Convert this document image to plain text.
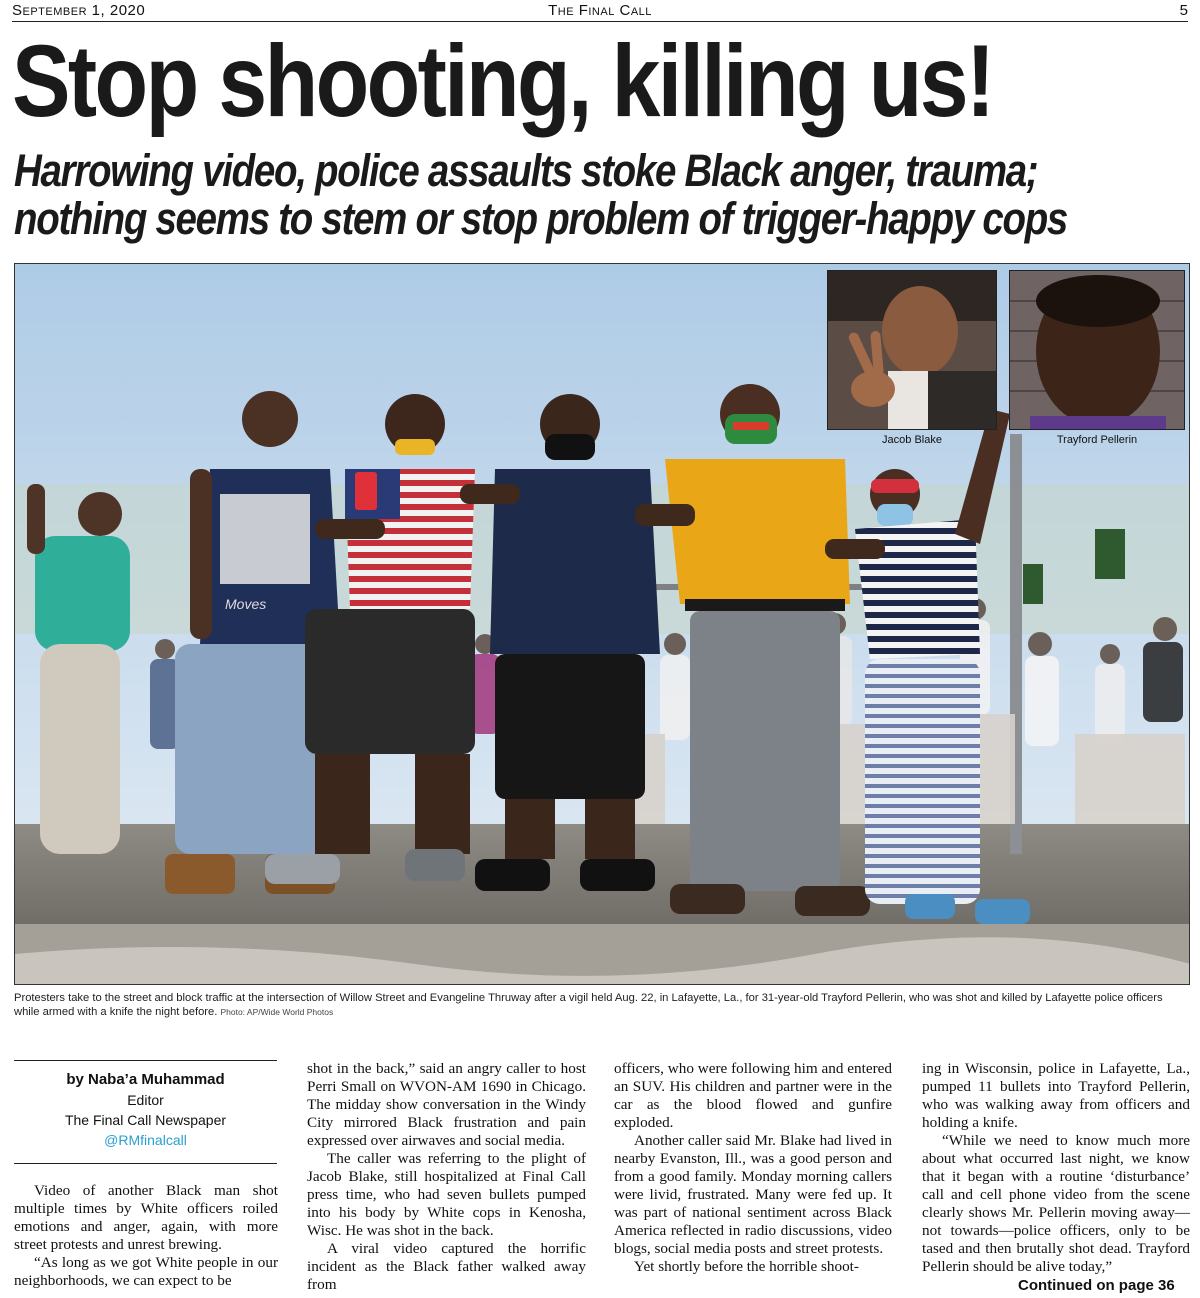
September 1, 2020	The Final Call	5
Stop shooting, killing us!
Harrowing video, police assaults stoke Black anger, trauma;
nothing seems to stem or stop problem of trigger-happy cops
Moves
Jacob Blake	Trayford Pellerin
Protesters take to the street and block traffic at the intersection of Willow Street and Evangeline Thruway after a vigil held Aug. 22, in Lafayette, La., for 31-year-old Trayford Pellerin, who was shot and killed by Lafayette police officers while armed with a knife the night before. Photo: AP/Wide World Photos
by Naba’a Muhammad
Editor
The Final Call Newspaper
@RMfinalcall

Video of another Black man shot multiple times by White officers roiled emotions and anger, again, with more street protests and unrest brewing.

“As long as we got White people in our neighborhoods, we can expect to be

shot in the back,” said an angry caller to host Perri Small on WVON-AM 1690 in Chicago. The midday show conversation in the Windy City mirrored Black frustration and pain expressed over airwaves and social media.

The caller was referring to the plight of Jacob Blake, still hospitalized at Final Call press time, who had seven bullets pumped into his body by White cops in Kenosha, Wisc. He was shot in the back.

A viral video captured the horrific incident as the Black father walked away from

officers, who were following him and entered an SUV. His children and partner were in the car as the blood flowed and gunfire exploded.

Another caller said Mr. Blake had lived in nearby Evanston, Ill., was a good person and from a good family. Monday morning callers were livid, frustrated. Many were fed up. It was part of national sentiment across Black America reflected in radio discussions, video blogs, social media posts and street protests.

Yet shortly before the horrible shoot-

ing in Wisconsin, police in Lafayette, La., pumped 11 bullets into Trayford Pellerin, who was walking away from officers and holding a knife.

“While we need to know much more about what occurred last night, we know that it began with a routine ‘disturbance’ call and cell phone video from the scene clearly shows Mr. Pellerin moving away—not towards—police officers, only to be tased and then brutally shot dead. Trayford Pellerin should be alive today,”

Continued on page 36
